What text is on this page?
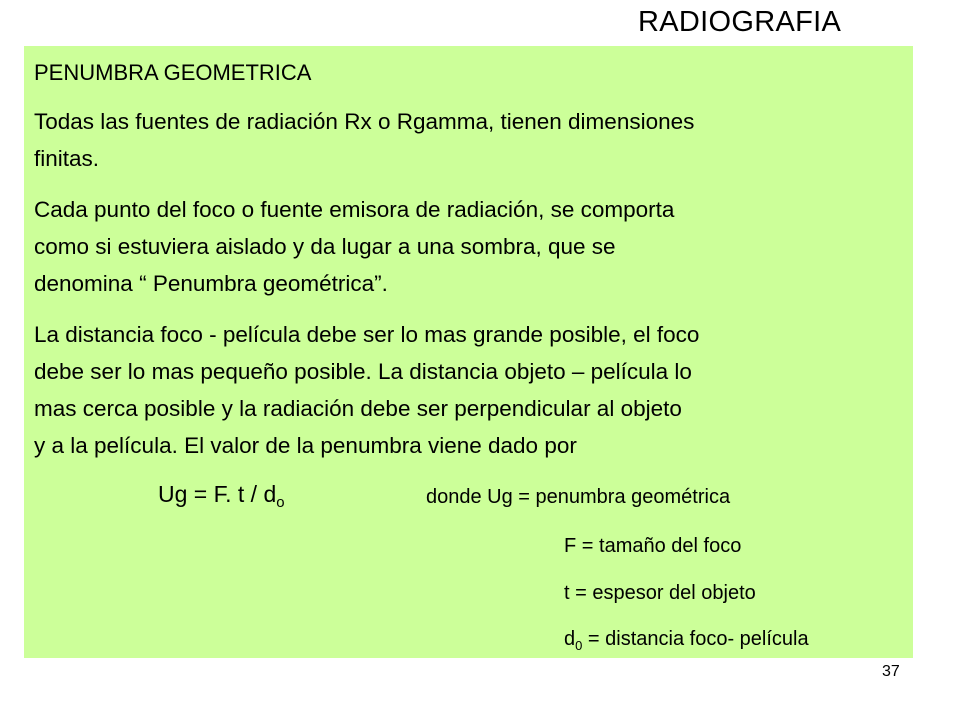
RADIOGRAFIA
PENUMBRA GEOMETRICA
Todas las fuentes de radiación Rx o Rgamma, tienen dimensiones
finitas.
Cada punto del foco o fuente emisora de radiación, se comporta
como si estuviera aislado y da lugar a una sombra, que se
denomina “ Penumbra geométrica”.
La distancia foco - película debe ser lo mas grande posible, el foco
debe ser lo mas pequeño posible. La distancia objeto – película lo
mas cerca posible y la radiación debe ser perpendicular al objeto
y a la película. El valor de la penumbra viene dado por
Ug = F. t / $d_o$	donde Ug = penumbra geométrica
F = tamaño del foco
t = espesor del objeto
$d_0$ = distancia foco- película
37
